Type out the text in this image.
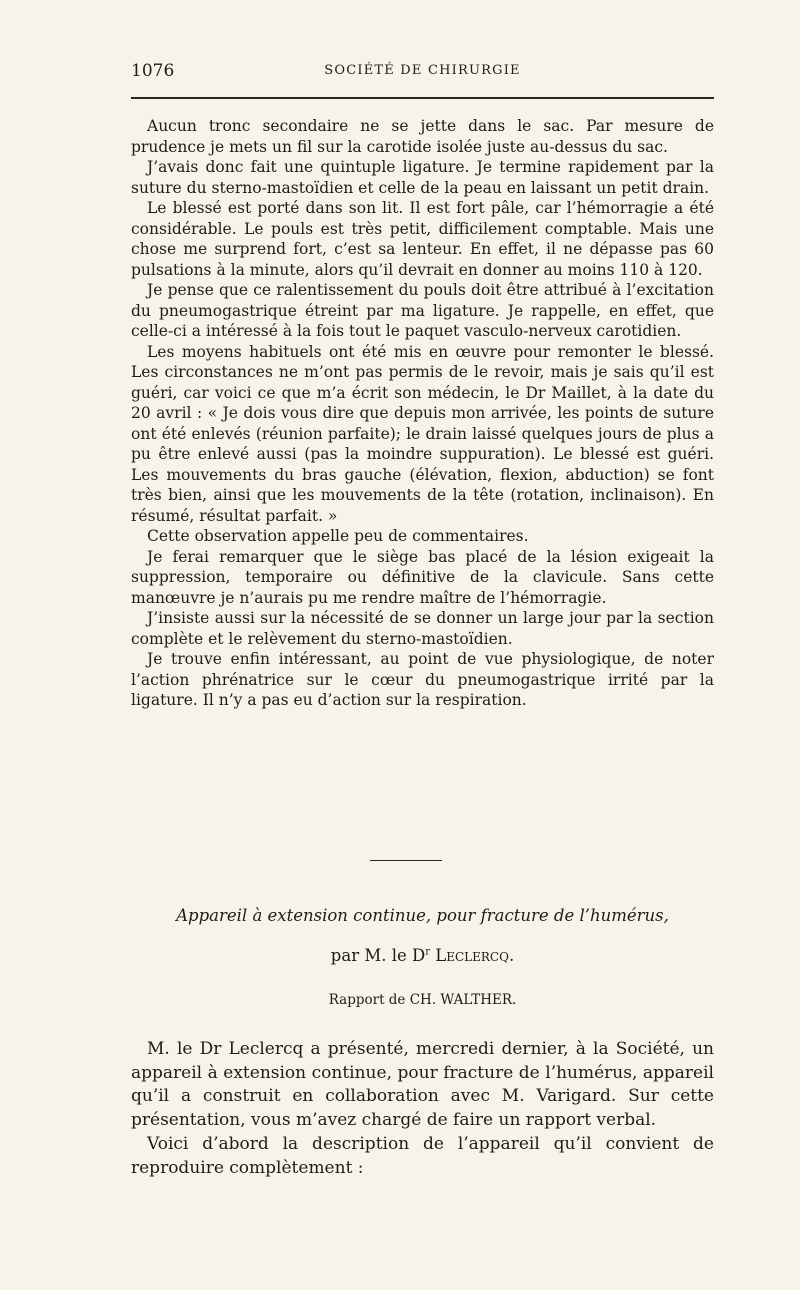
1076	SOCIÉTÉ DE CHIRURGIE

Aucun tronc secondaire ne se jette dans le sac. Par mesure de prudence je mets un fil sur la carotide isolée juste au-dessus du sac.

J’avais donc fait une quintuple ligature. Je termine rapidement par la suture du sterno-mastoïdien et celle de la peau en laissant un petit drain.

Le blessé est porté dans son lit. Il est fort pâle, car l’hémorragie a été considérable. Le pouls est très petit, difficilement comptable. Mais une chose me surprend fort, c’est sa lenteur. En effet, il ne dépasse pas 60 pulsations à la minute, alors qu’il devrait en donner au moins 110 à 120.

Je pense que ce ralentissement du pouls doit être attribué à l’excitation du pneumogastrique étreint par ma ligature. Je rappelle, en effet, que celle-ci a intéressé à la fois tout le paquet vasculo-nerveux carotidien.

Les moyens habituels ont été mis en œuvre pour remonter le blessé. Les circonstances ne m’ont pas permis de le revoir, mais je sais qu’il est guéri, car voici ce que m’a écrit son médecin, le Dr Maillet, à la date du 20 avril : « Je dois vous dire que depuis mon arrivée, les points de suture ont été enlevés (réunion parfaite); le drain laissé quelques jours de plus a pu être enlevé aussi (pas la moindre suppuration). Le blessé est guéri. Les mouvements du bras gauche (élévation, flexion, abduction) se font très bien, ainsi que les mouvements de la tête (rotation, inclinaison). En résumé, résultat parfait. »

Cette observation appelle peu de commentaires.

Je ferai remarquer que le siège bas placé de la lésion exigeait la suppression, temporaire ou définitive de la clavicule. Sans cette manœuvre je n’aurais pu me rendre maître de l’hémorragie.

J’insiste aussi sur la nécessité de se donner un large jour par la section complète et le relèvement du sterno-mastoïdien.

Je trouve enfin intéressant, au point de vue physiologique, de noter l’action phrénatrice sur le cœur du pneumogastrique irrité par la ligature. Il n’y a pas eu d’action sur la respiration.

Appareil à extension continue, pour fracture de l’humérus,
par M. le $D^r$ Leclercq.
Rapport de CH. WALTHER.

M. le Dr Leclercq a présenté, mercredi dernier, à la Société, un appareil à extension continue, pour fracture de l’humérus, appareil qu’il a construit en collaboration avec M. Varigard. Sur cette présentation, vous m’avez chargé de faire un rapport verbal.

Voici d’abord la description de l’appareil qu’il convient de reproduire complètement :
